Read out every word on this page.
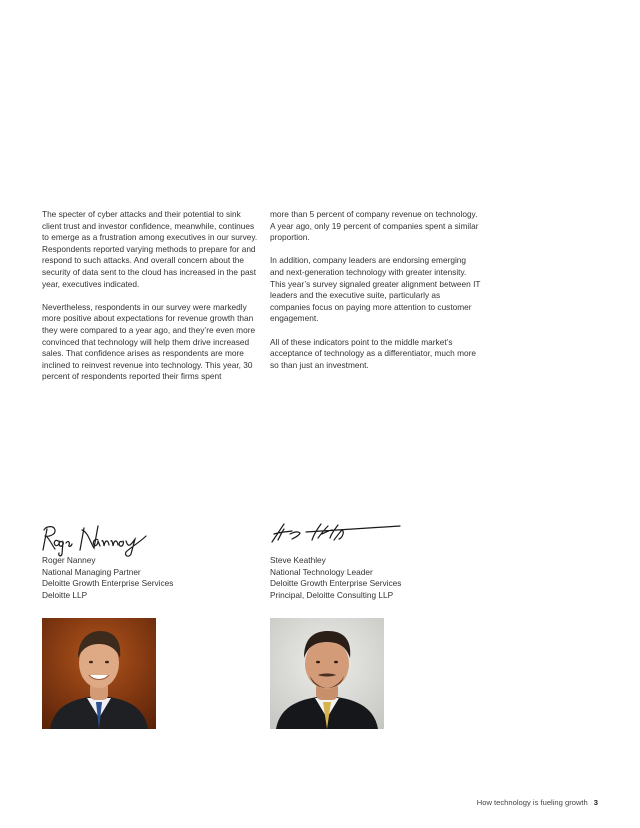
The specter of cyber attacks and their potential to sink client trust and investor confidence, meanwhile, continues to emerge as a frustration among executives in our survey. Respondents reported varying methods to prepare for and respond to such attacks. And overall concern about the security of data sent to the cloud has increased in the past year, executives indicated.

Nevertheless, respondents in our survey were markedly more positive about expectations for revenue growth than they were compared to a year ago, and they’re even more convinced that technology will help them drive increased sales. That confidence arises as respondents are more inclined to reinvest revenue into technology. This year, 30 percent of respondents reported their firms spent

more than 5 percent of company revenue on technology. A year ago, only 19 percent of companies spent a similar proportion.

In addition, company leaders are endorsing emerging and next-generation technology with greater intensity. This year’s survey signaled greater alignment between IT leaders and the executive suite, particularly as companies focus on paying more attention to customer engagement.

All of these indicators point to the middle market’s acceptance of technology as a differentiator, much more so than just an investment.

Roger Nanney
National Managing Partner
Deloitte Growth Enterprise Services
Deloitte LLP
Steve Keathley
National Technology Leader
Deloitte Growth Enterprise Services
Principal, Deloitte Consulting LLP
How technology is fueling growth 3
